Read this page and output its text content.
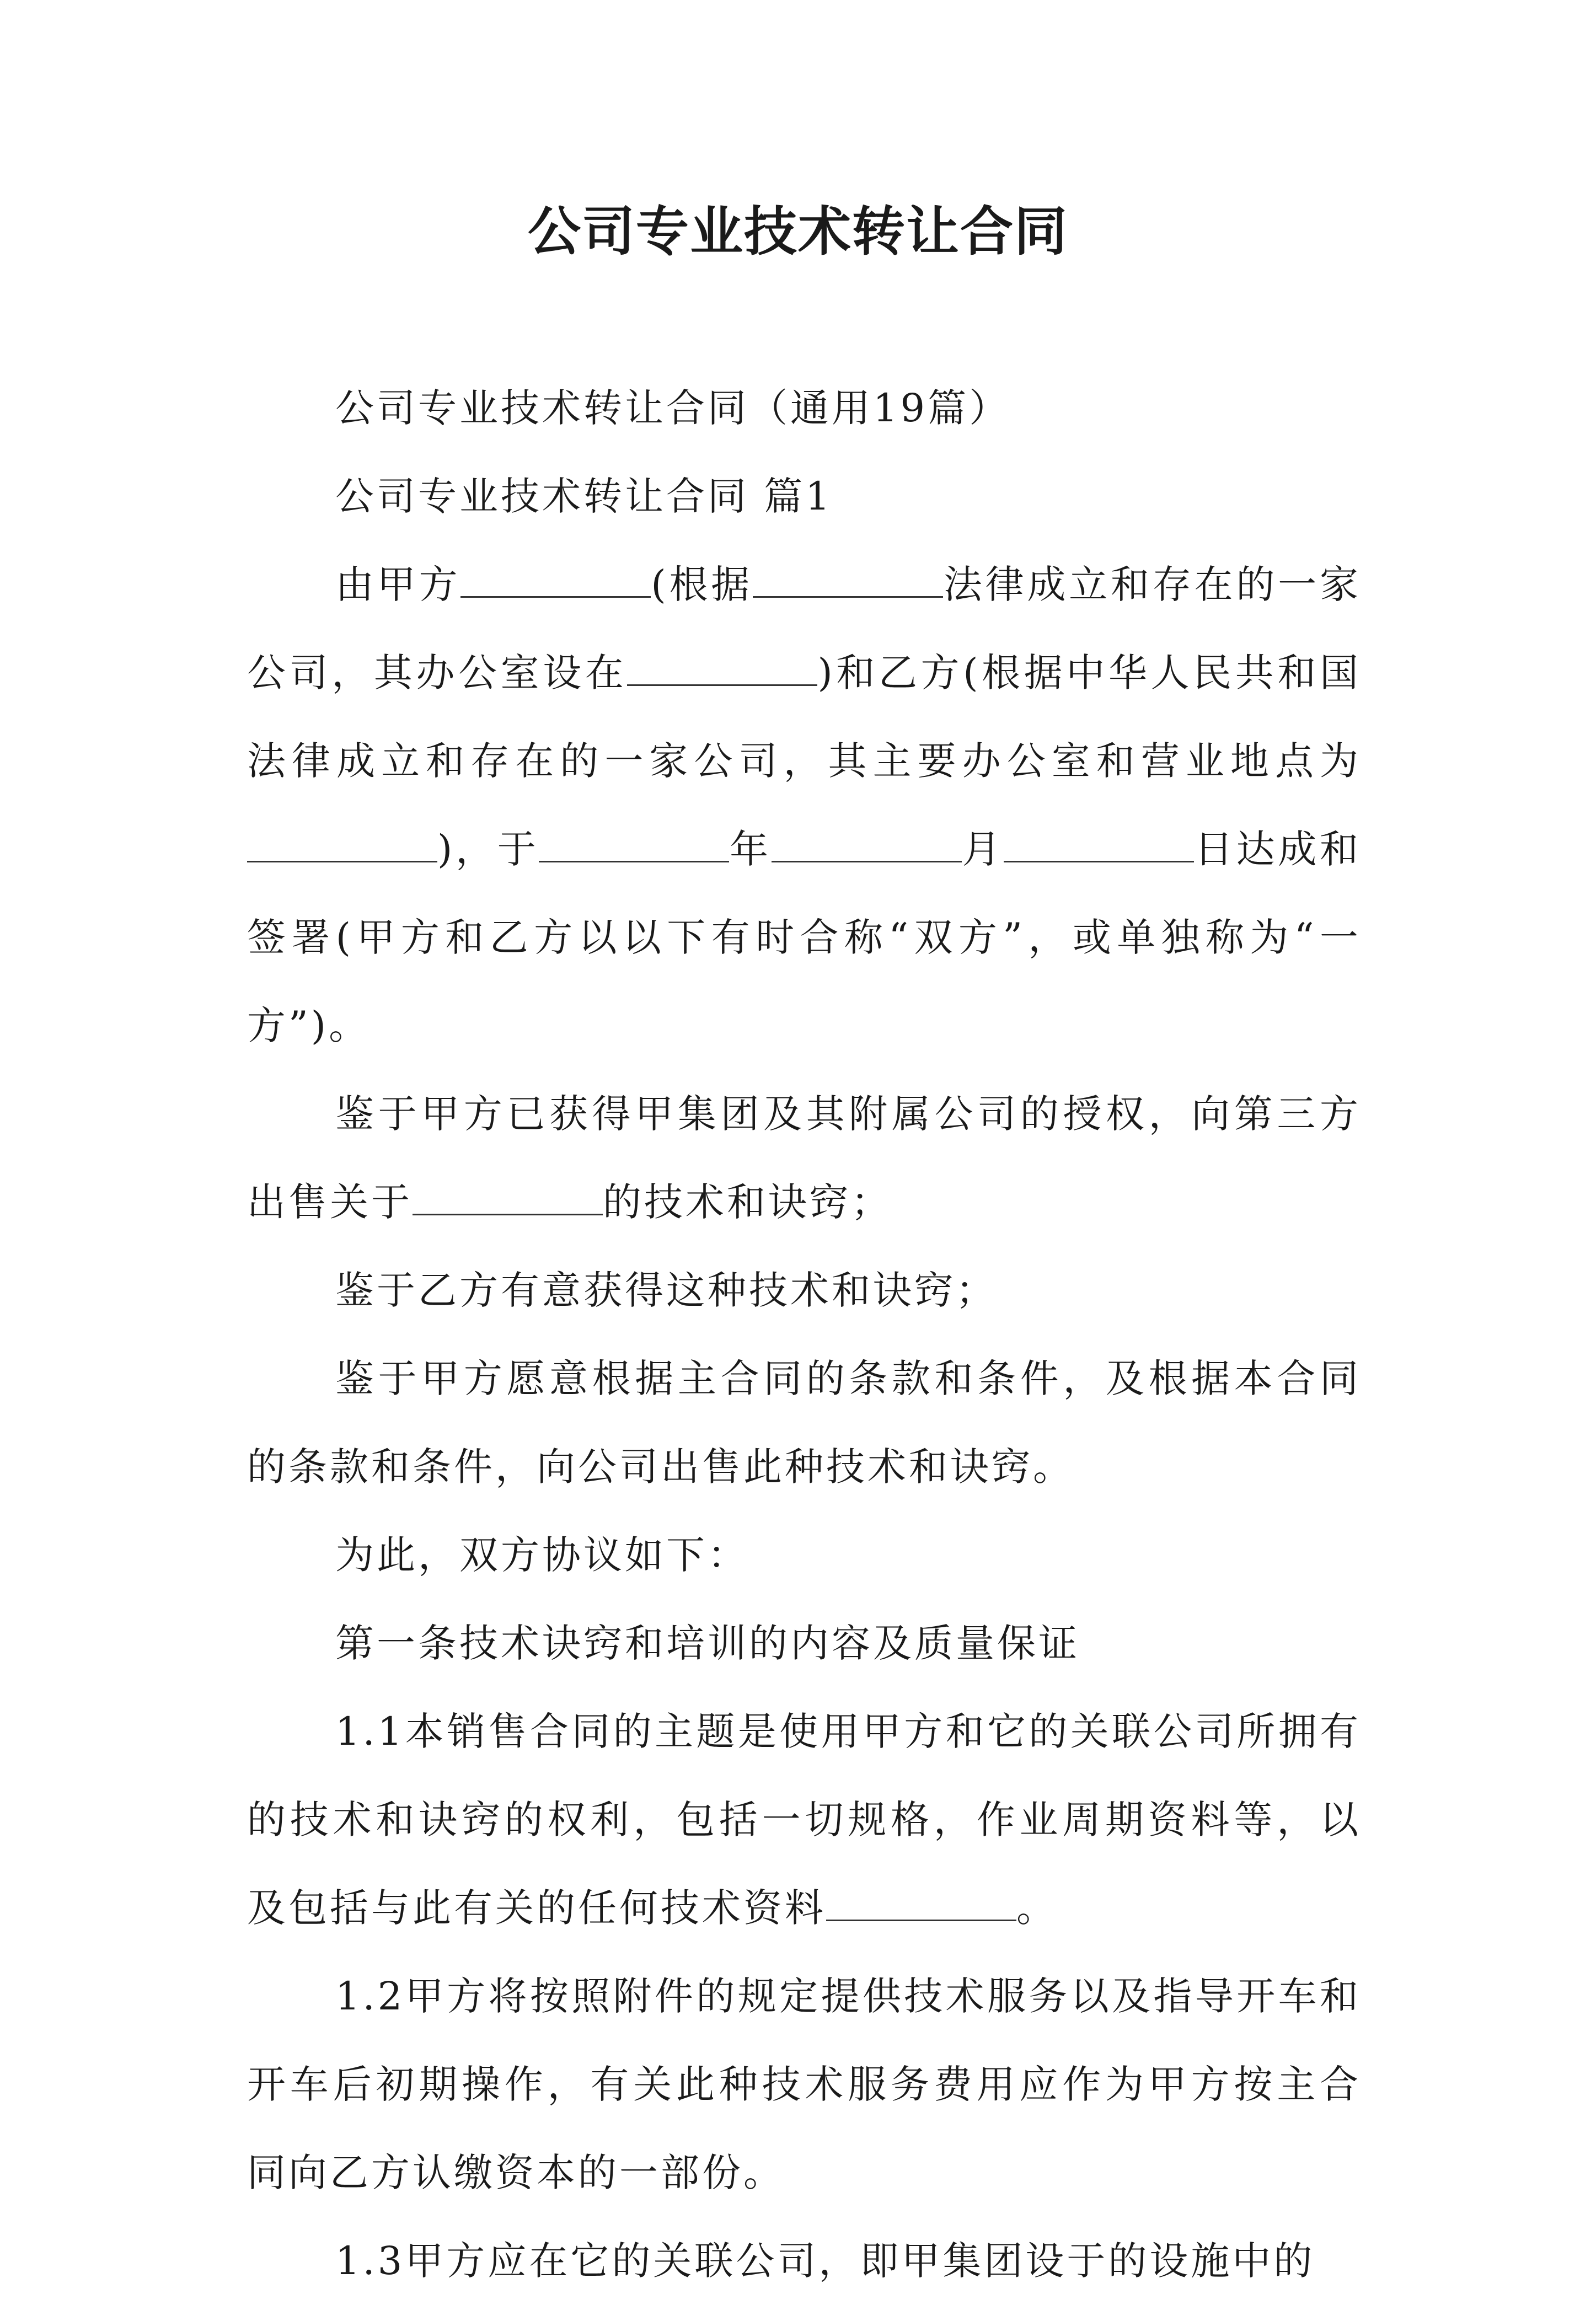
公司专业技术转让合同

公司专业技术转让合同（通用19篇）

公司专业技术转让合同 篇1

由甲方	(根据	法律成立和存在的一家公司，其办公室设在	)和乙方(根据中华人民共和国法律成立和存在的一家公司，其主要办公室和营业地点为)，于	年	月	日达成和签署(甲方和乙方以以下有时合称“双方”，或单独称为“一方”)。

鉴于甲方已获得甲集团及其附属公司的授权，向第三方出售关于	的技术和诀窍；

鉴于乙方有意获得这种技术和诀窍；

鉴于甲方愿意根据主合同的条款和条件，及根据本合同的条款和条件，向公司出售此种技术和诀窍。

为此，双方协议如下：

第一条技术诀窍和培训的内容及质量保证

1.1本销售合同的主题是使用甲方和它的关联公司所拥有的技术和诀窍的权利，包括一切规格，作业周期资料等，以及包括与此有关的任何技术资料	。

1.2甲方将按照附件的规定提供技术服务以及指导开车和开车后初期操作，有关此种技术服务费用应作为甲方按主合同向乙方认缴资本的一部份。

1.3甲方应在它的关联公司，即甲集团设于的设施中的
